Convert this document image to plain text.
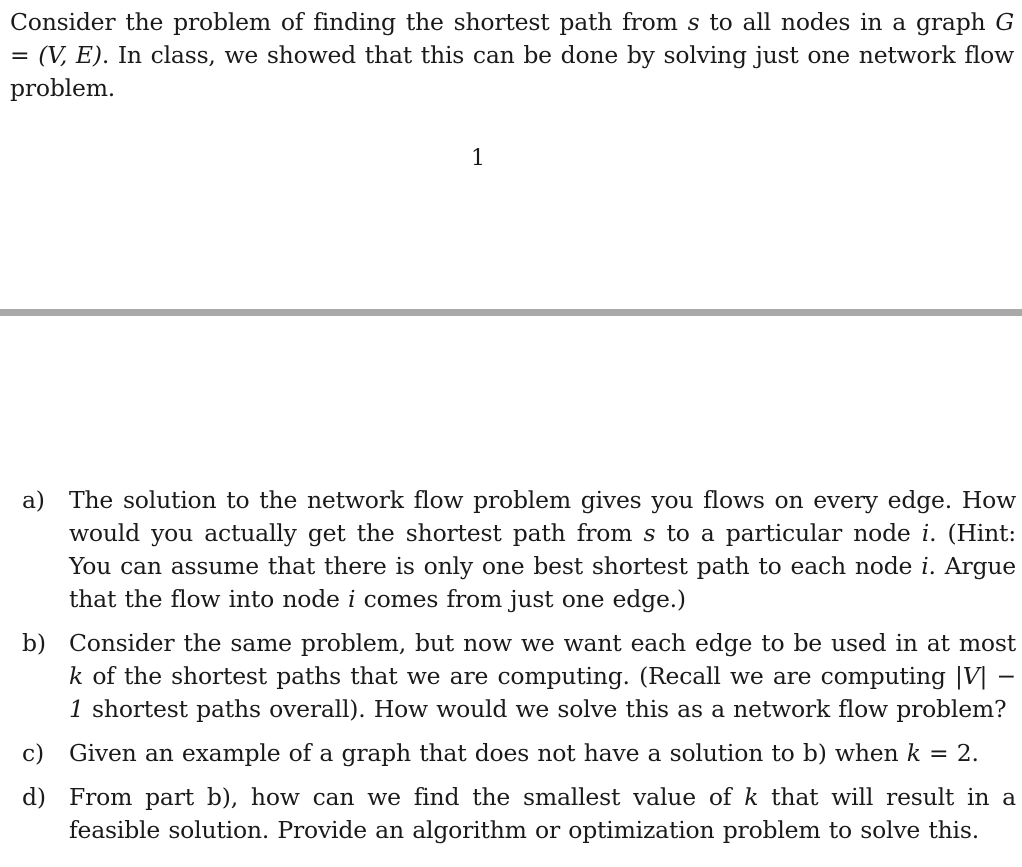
Consider the problem of finding the shortest path from s to all nodes in a graph G = (V, E). In class, we showed that this can be done by solving just one network flow problem.
1
a) The solution to the network flow problem gives you flows on every edge. How would you actually get the shortest path from s to a particular node i. (Hint: You can assume that there is only one best shortest path to each node i. Argue that the flow into node i comes from just one edge.)
b) Consider the same problem, but now we want each edge to be used in at most k of the shortest paths that we are computing. (Recall we are computing |V| − 1 shortest paths overall). How would we solve this as a network flow problem?
c) Given an example of a graph that does not have a solution to b) when k = 2.
d) From part b), how can we find the smallest value of k that will result in a feasible solution. Provide an algorithm or optimization problem to solve this.
